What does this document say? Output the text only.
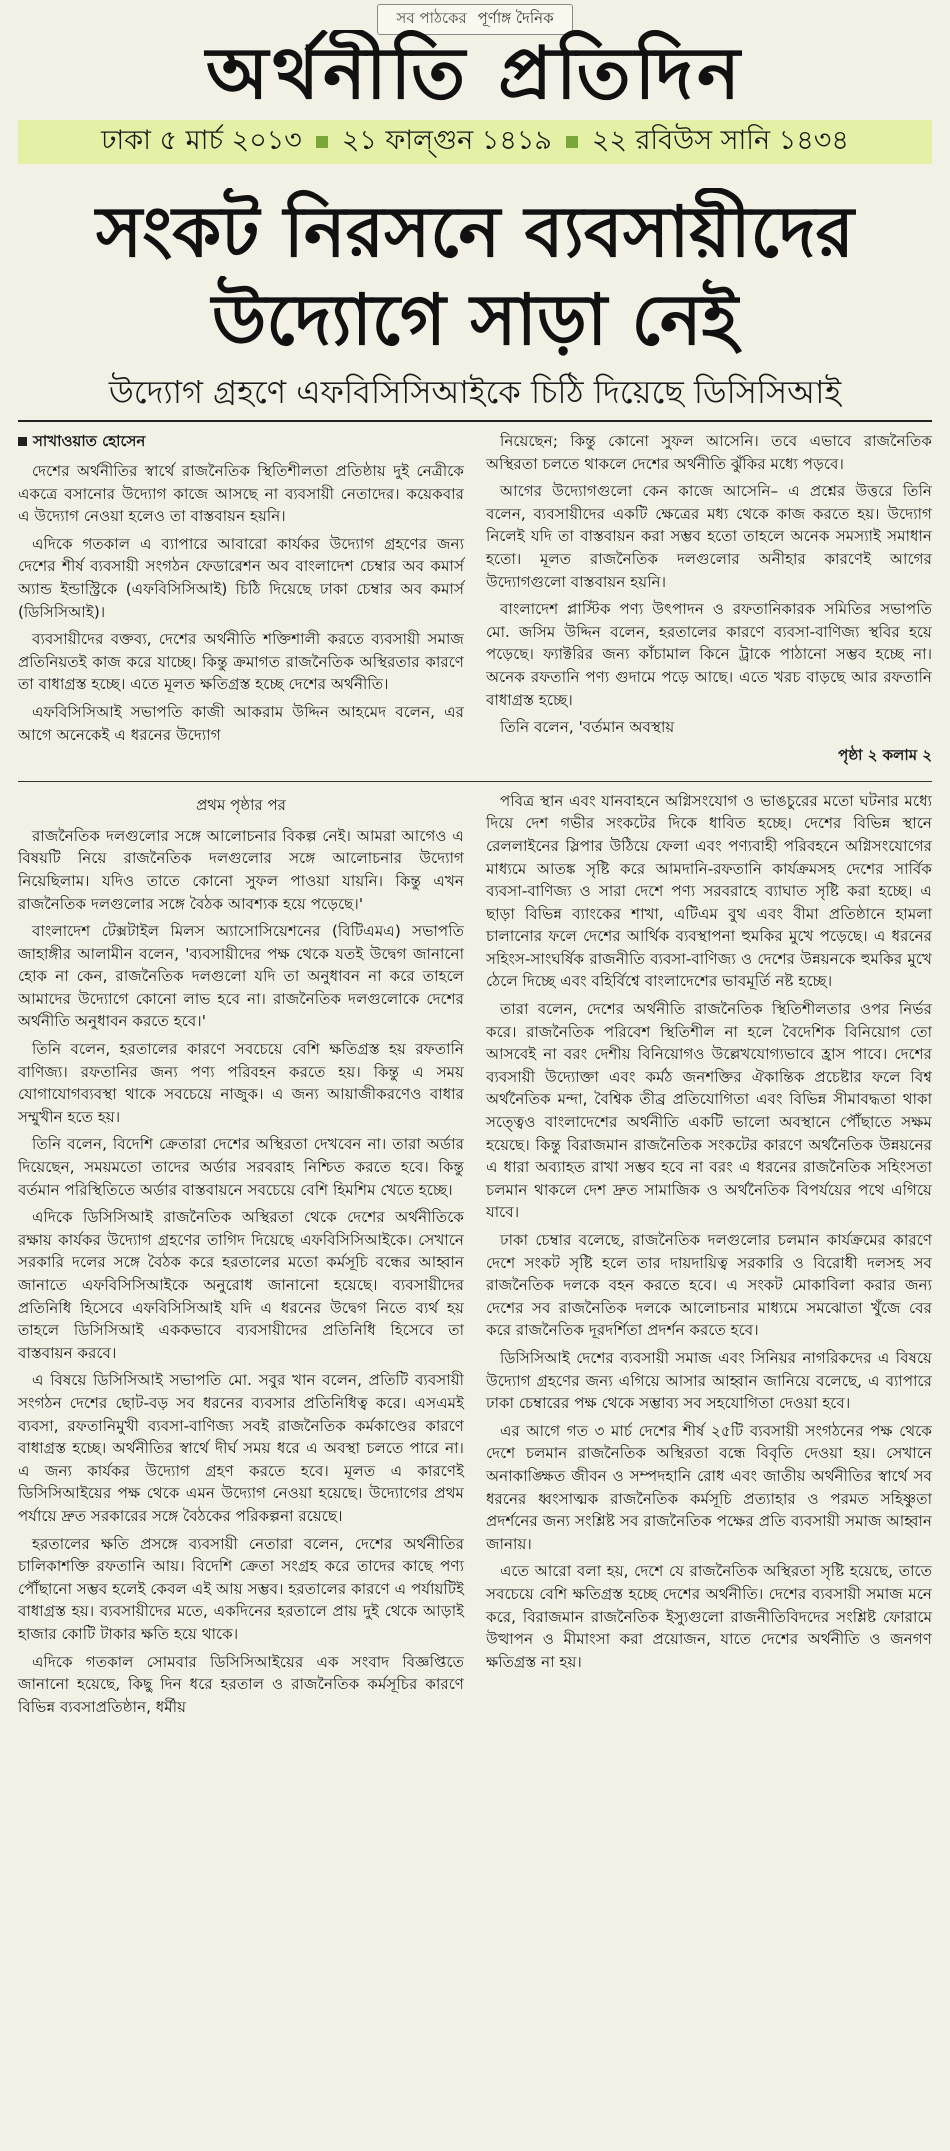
সব পাঠকের পূর্ণাঙ্গ দৈনিক
অর্থনীতি প্রতিদিন
ঢাকা ৫ মার্চ ২০১৩ ২১ ফাল্গুন ১৪১৯ ২২ রবিউস সানি ১৪৩৪
সংকট নিরসনে ব্যবসায়ীদের
উদ্যোগে সাড়া নেই
উদ্যোগ গ্রহণে এফবিসিসিআইকে চিঠি দিয়েছে ডিসিসিআই
সাখাওয়াত হোসেন

দেশের অর্থনীতির স্বার্থে রাজনৈতিক স্থিতিশীলতা প্রতিষ্ঠায় দুই নেত্রীকে একত্রে বসানোর উদ্যোগ কাজে আসছে না ব্যবসায়ী নেতাদের। কয়েকবার এ উদ্যোগ নেওয়া হলেও তা বাস্তবায়ন হয়নি।

এদিকে গতকাল এ ব্যাপারে আবারো কার্যকর উদ্যোগ গ্রহণের জন্য দেশের শীর্ষ ব্যবসায়ী সংগঠন ফেডারেশন অব বাংলাদেশ চেম্বার অব কমার্স অ্যান্ড ইন্ডাস্ট্রিকে (এফবিসিসিআই) চিঠি দিয়েছে ঢাকা চেম্বার অব কমার্স (ডিসিসিআই)।

ব্যবসায়ীদের বক্তব্য, দেশের অর্থনীতি শক্তিশালী করতে ব্যবসায়ী সমাজ প্রতিনিয়তই কাজ করে যাচ্ছে। কিন্তু ক্রমাগত রাজনৈতিক অস্থিরতার কারণে তা বাধাগ্রস্ত হচ্ছে। এতে মূলত ক্ষতিগ্রস্ত হচ্ছে দেশের অর্থনীতি।

এফবিসিসিআই সভাপতি কাজী আকরাম উদ্দিন আহমেদ বলেন, এর আগে অনেকেই এ ধরনের উদ্যোগ

নিয়েছেন; কিন্তু কোনো সুফল আসেনি। তবে এভাবে রাজনৈতিক অস্থিরতা চলতে থাকলে দেশের অর্থনীতি ঝুঁকির মধ্যে পড়বে।

আগের উদ্যোগগুলো কেন কাজে আসেনি– এ প্রশ্নের উত্তরে তিনি বলেন, ব্যবসায়ীদের একটি ক্ষেত্রের মধ্য থেকে কাজ করতে হয়। উদ্যোগ নিলেই যদি তা বাস্তবায়ন করা সম্ভব হতো তাহলে অনেক সমস্যাই সমাধান হতো। মূলত রাজনৈতিক দলগুলোর অনীহার কারণেই আগের উদ্যোগগুলো বাস্তবায়ন হয়নি।

বাংলাদেশ প্লাস্টিক পণ্য উৎপাদন ও রফতানিকারক সমিতির সভাপতি মো. জসিম উদ্দিন বলেন, হরতালের কারণে ব্যবসা-বাণিজ্য স্থবির হয়ে পড়েছে। ফ্যাক্টরির জন্য কাঁচামাল কিনে ট্রাকে পাঠানো সম্ভব হচ্ছে না। অনেক রফতানি পণ্য গুদামে পড়ে আছে। এতে খরচ বাড়ছে আর রফতানি বাধাগ্রস্ত হচ্ছে।

তিনি বলেন, 'বর্তমান অবস্থায়

পৃষ্ঠা ২ কলাম ২
প্রথম পৃষ্ঠার পর

রাজনৈতিক দলগুলোর সঙ্গে আলোচনার বিকল্প নেই। আমরা আগেও এ বিষয়টি নিয়ে রাজনৈতিক দলগুলোর সঙ্গে আলোচনার উদ্যোগ নিয়েছিলাম। যদিও তাতে কোনো সুফল পাওয়া যায়নি। কিন্তু এখন রাজনৈতিক দলগুলোর সঙ্গে বৈঠক আবশ্যক হয়ে পড়েছে।'

বাংলাদেশ টেক্সটাইল মিলস অ্যাসোসিয়েশনের (বিটিএমএ) সভাপতি জাহাঙ্গীর আলামীন বলেন, 'ব্যবসায়ীদের পক্ষ থেকে যতই উদ্বেগ জানানো হোক না কেন, রাজনৈতিক দলগুলো যদি তা অনুধাবন না করে তাহলে আমাদের উদ্যোগে কোনো লাভ হবে না। রাজনৈতিক দলগুলোকে দেশের অর্থনীতি অনুধাবন করতে হবে।'

তিনি বলেন, হরতালের কারণে সবচেয়ে বেশি ক্ষতিগ্রস্ত হয় রফতানি বাণিজ্য। রফতানির জন্য পণ্য পরিবহন করতে হয়। কিন্তু এ সময় যোগাযোগব্যবস্থা থাকে সবচেয়ে নাজুক। এ জন্য আয়াজীকরণেও বাধার সম্মুখীন হতে হয়।

তিনি বলেন, বিদেশি ক্রেতারা দেশের অস্থিরতা দেখবেন না। তারা অর্ডার দিয়েছেন, সময়মতো তাদের অর্ডার সরবরাহ নিশ্চিত করতে হবে। কিন্তু বর্তমান পরিস্থিতিতে অর্ডার বাস্তবায়নে সবচেয়ে বেশি হিমশিম খেতে হচ্ছে।

এদিকে ডিসিসিআই রাজনৈতিক অস্থিরতা থেকে দেশের অর্থনীতিকে রক্ষায় কার্যকর উদ্যোগ গ্রহণের তাগিদ দিয়েছে এফবিসিসিআইকে। সেখানে সরকারি দলের সঙ্গে বৈঠক করে হরতালের মতো কর্মসূচি বন্ধের আহ্বান জানাতে এফবিসিসিআইকে অনুরোধ জানানো হয়েছে। ব্যবসায়ীদের প্রতিনিধি হিসেবে এফবিসিসিআই যদি এ ধরনের উদ্বেগ নিতে ব্যর্থ হয় তাহলে ডিসিসিআই এককভাবে ব্যবসায়ীদের প্রতিনিধি হিসেবে তা বাস্তবায়ন করবে।

এ বিষয়ে ডিসিসিআই সভাপতি মো. সবুর খান বলেন, প্রতিটি ব্যবসায়ী সংগঠন দেশের ছোট-বড় সব ধরনের ব্যবসার প্রতিনিধিত্ব করে। এসএমই ব্যবসা, রফতানিমুখী ব্যবসা-বাণিজ্য সবই রাজনৈতিক কর্মকাণ্ডের কারণে বাধাগ্রস্ত হচ্ছে। অর্থনীতির স্বার্থে দীর্ঘ সময় ধরে এ অবস্থা চলতে পারে না। এ জন্য কার্যকর উদ্যোগ গ্রহণ করতে হবে। মূলত এ কারণেই ডিসিসিআইয়ের পক্ষ থেকে এমন উদ্যোগ নেওয়া হয়েছে। উদ্যোগের প্রথম পর্যায়ে দ্রুত সরকারের সঙ্গে বৈঠকের পরিকল্পনা রয়েছে।

হরতালের ক্ষতি প্রসঙ্গে ব্যবসায়ী নেতারা বলেন, দেশের অর্থনীতির চালিকাশক্তি রফতানি আয়। বিদেশি ক্রেতা সংগ্রহ করে তাদের কাছে পণ্য পৌঁছানো সম্ভব হলেই কেবল এই আয় সম্ভব। হরতালের কারণে এ পর্যায়টিই বাধাগ্রস্ত হয়। ব্যবসায়ীদের মতে, একদিনের হরতালে প্রায় দুই থেকে আড়াই হাজার কোটি টাকার ক্ষতি হয়ে থাকে।

এদিকে গতকাল সোমবার ডিসিসিআইয়ের এক সংবাদ বিজ্ঞপ্তিতে জানানো হয়েছে, কিছু দিন ধরে হরতাল ও রাজনৈতিক কর্মসূচির কারণে বিভিন্ন ব্যবসাপ্রতিষ্ঠান, ধর্মীয়

পবিত্র স্থান এবং যানবাহনে অগ্নিসংযোগ ও ভাঙচুরের মতো ঘটনার মধ্যে দিয়ে দেশ গভীর সংকটের দিকে ধাবিত হচ্ছে। দেশের বিভিন্ন স্থানে রেললাইনের স্লিপার উঠিয়ে ফেলা এবং পণ্যবাহী পরিবহনে অগ্নিসংযোগের মাধ্যমে আতঙ্ক সৃষ্টি করে আমদানি-রফতানি কার্যক্রমসহ দেশের সার্বিক ব্যবসা-বাণিজ্য ও সারা দেশে পণ্য সরবরাহে ব্যাঘাত সৃষ্টি করা হচ্ছে। এ ছাড়া বিভিন্ন ব্যাংকের শাখা, এটিএম বুথ এবং বীমা প্রতিষ্ঠানে হামলা চালানোর ফলে দেশের আর্থিক ব্যবস্থাপনা হুমকির মুখে পড়েছে। এ ধরনের সহিংস-সাংঘর্ষিক রাজনীতি ব্যবসা-বাণিজ্য ও দেশের উন্নয়নকে হুমকির মুখে ঠেলে দিচ্ছে এবং বহির্বিশ্বে বাংলাদেশের ভাবমূর্তি নষ্ট হচ্ছে।

তারা বলেন, দেশের অর্থনীতি রাজনৈতিক স্থিতিশীলতার ওপর নির্ভর করে। রাজনৈতিক পরিবেশ স্থিতিশীল না হলে বৈদেশিক বিনিয়োগ তো আসবেই না বরং দেশীয় বিনিয়োগও উল্লেখযোগ্যভাবে হ্রাস পাবে। দেশের ব্যবসায়ী উদ্যোক্তা এবং কর্মঠ জনশক্তির ঐকান্তিক প্রচেষ্টার ফলে বিশ্ব অর্থনৈতিক মন্দা, বৈশ্বিক তীব্র প্রতিযোগিতা এবং বিভিন্ন সীমাবদ্ধতা থাকা সত্ত্বেও বাংলাদেশের অর্থনীতি একটি ভালো অবস্থানে পৌঁছাতে সক্ষম হয়েছে। কিন্তু বিরাজমান রাজনৈতিক সংকটের কারণে অর্থনৈতিক উন্নয়নের এ ধারা অব্যাহত রাখা সম্ভব হবে না বরং এ ধরনের রাজনৈতিক সহিংসতা চলমান থাকলে দেশ দ্রুত সামাজিক ও অর্থনৈতিক বিপর্যয়ের পথে এগিয়ে যাবে।

ঢাকা চেম্বার বলেছে, রাজনৈতিক দলগুলোর চলমান কার্যক্রমের কারণে দেশে সংকট সৃষ্টি হলে তার দায়দায়িত্ব সরকারি ও বিরোধী দলসহ সব রাজনৈতিক দলকে বহন করতে হবে। এ সংকট মোকাবিলা করার জন্য দেশের সব রাজনৈতিক দলকে আলোচনার মাধ্যমে সমঝোতা খুঁজে বের করে রাজনৈতিক দূরদর্শিতা প্রদর্শন করতে হবে।

ডিসিসিআই দেশের ব্যবসায়ী সমাজ এবং সিনিয়র নাগরিকদের এ বিষয়ে উদ্যোগ গ্রহণের জন্য এগিয়ে আসার আহ্বান জানিয়ে বলেছে, এ ব্যাপারে ঢাকা চেম্বারের পক্ষ থেকে সম্ভাব্য সব সহযোগিতা দেওয়া হবে।

এর আগে গত ৩ মার্চ দেশের শীর্ষ ২৫টি ব্যবসায়ী সংগঠনের পক্ষ থেকে দেশে চলমান রাজনৈতিক অস্থিরতা বন্ধে বিবৃতি দেওয়া হয়। সেখানে অনাকাঙ্ক্ষিত জীবন ও সম্পদহানি রোধ এবং জাতীয় অর্থনীতির স্বার্থে সব ধরনের ধ্বংসাত্মক রাজনৈতিক কর্মসূচি প্রত্যাহার ও পরমত সহিষ্ণুতা প্রদর্শনের জন্য সংশ্লিষ্ট সব রাজনৈতিক পক্ষের প্রতি ব্যবসায়ী সমাজ আহ্বান জানায়।

এতে আরো বলা হয়, দেশে যে রাজনৈতিক অস্থিরতা সৃষ্টি হয়েছে, তাতে সবচেয়ে বেশি ক্ষতিগ্রস্ত হচ্ছে দেশের অর্থনীতি। দেশের ব্যবসায়ী সমাজ মনে করে, বিরাজমান রাজনৈতিক ইস্যুগুলো রাজনীতিবিদদের সংশ্লিষ্ট ফোরামে উত্থাপন ও মীমাংসা করা প্রয়োজন, যাতে দেশের অর্থনীতি ও জনগণ ক্ষতিগ্রস্ত না হয়।
